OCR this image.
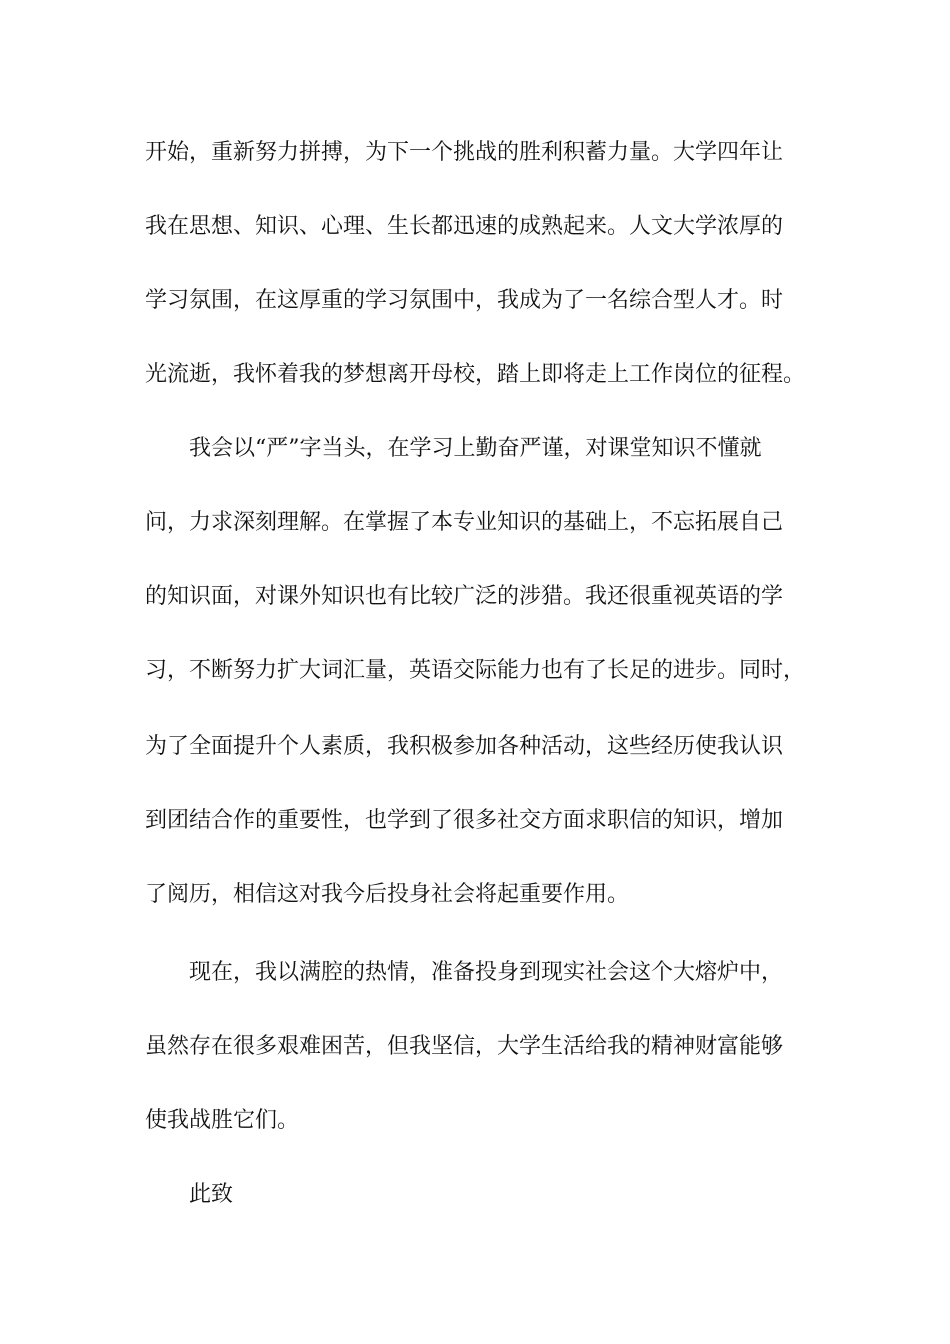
开始，重新努力拼搏，为下一个挑战的胜利积蓄力量。大学四年让
我在思想、知识、心理、生长都迅速的成熟起来。人文大学浓厚的
学习氛围，在这厚重的学习氛围中，我成为了一名综合型人才。时
光流逝，我怀着我的梦想离开母校，踏上即将走上工作岗位的征程。
我会以“严”字当头，在学习上勤奋严谨，对课堂知识不懂就
问，力求深刻理解。在掌握了本专业知识的基础上，不忘拓展自己
的知识面，对课外知识也有比较广泛的涉猎。我还很重视英语的学
习，不断努力扩大词汇量，英语交际能力也有了长足的进步。同时，
为了全面提升个人素质，我积极参加各种活动，这些经历使我认识
到团结合作的重要性，也学到了很多社交方面求职信的知识，增加
了阅历，相信这对我今后投身社会将起重要作用。
现在，我以满腔的热情，准备投身到现实社会这个大熔炉中，
虽然存在很多艰难困苦，但我坚信，大学生活给我的精神财富能够
使我战胜它们。
此致
